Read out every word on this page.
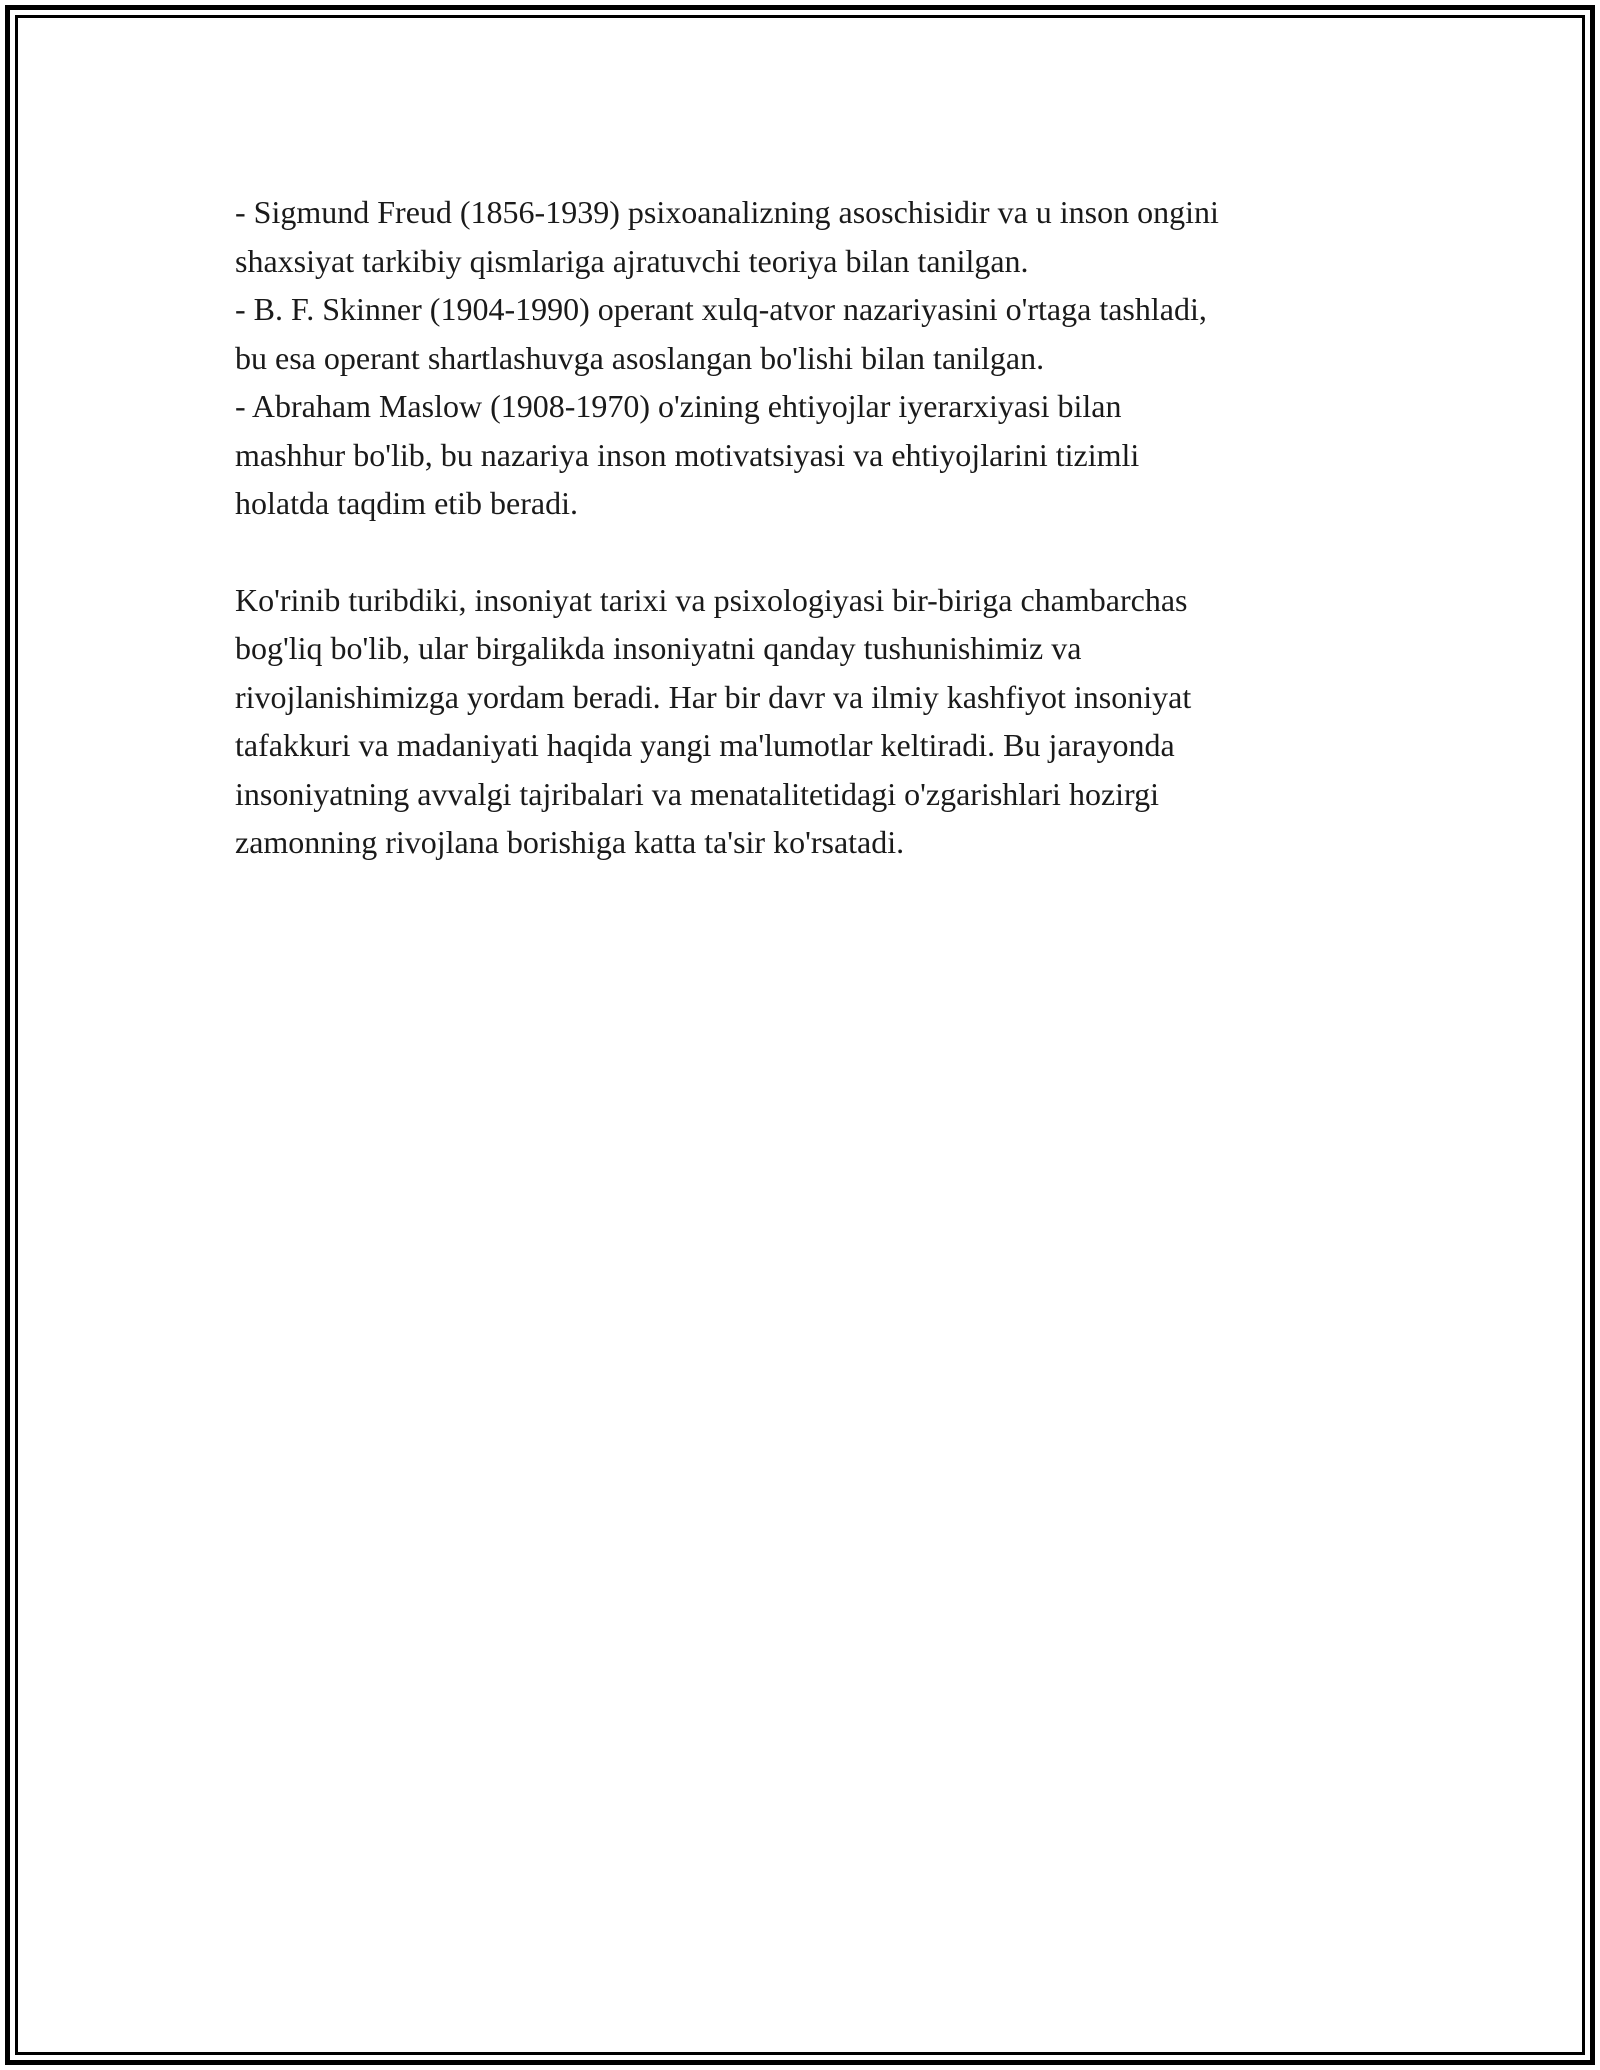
- Sigmund Freud (1856-1939) psixoanalizning asoschisidir va u inson ongini
shaxsiyat tarkibiy qismlariga ajratuvchi teoriya bilan tanilgan.
- B. F. Skinner (1904-1990) operant xulq-atvor nazariyasini o'rtaga tashladi,
bu esa operant shartlashuvga asoslangan bo'lishi bilan tanilgan.
- Abraham Maslow (1908-1970) o'zining ehtiyojlar iyerarxiyasi bilan
mashhur bo'lib, bu nazariya inson motivatsiyasi va ehtiyojlarini tizimli
holatda taqdim etib beradi.
Ko'rinib turibdiki, insoniyat tarixi va psixologiyasi bir-biriga chambarchas
bog'liq bo'lib, ular birgalikda insoniyatni qanday tushunishimiz va
rivojlanishimizga yordam beradi. Har bir davr va ilmiy kashfiyot insoniyat
tafakkuri va madaniyati haqida yangi ma'lumotlar keltiradi. Bu jarayonda
insoniyatning avvalgi tajribalari va menatalitetidagi o'zgarishlari hozirgi
zamonning rivojlana borishiga katta ta'sir ko'rsatadi.
